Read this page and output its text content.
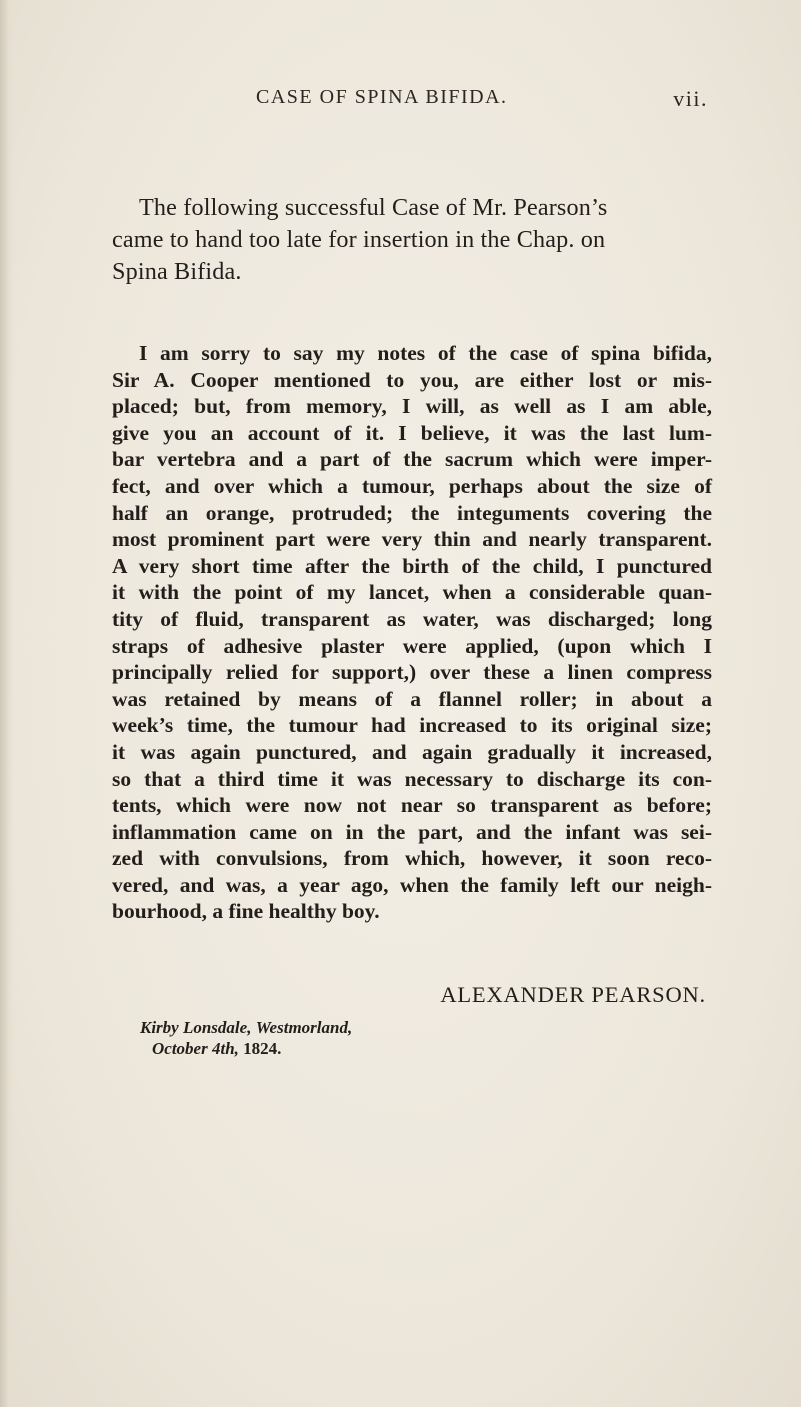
CASE OF SPINA BIFIDA.	vii.

The following successful Case of Mr. Pearson’s
came to hand too late for insertion in the Chap. on
Spina Bifida.

I am sorry to say my notes of the case of spina bifida,
Sir A. Cooper mentioned to you, are either lost or mis-
placed; but, from memory, I will, as well as I am able,
give you an account of it. I believe, it was the last lum-
bar vertebra and a part of the sacrum which were imper-
fect, and over which a tumour, perhaps about the size of
half an orange, protruded; the integuments covering the
most prominent part were very thin and nearly transparent.
A very short time after the birth of the child, I punctured
it with the point of my lancet, when a considerable quan-
tity of fluid, transparent as water, was discharged; long
straps of adhesive plaster were applied, (upon which I
principally relied for support,) over these a linen compress
was retained by means of a flannel roller; in about a
week’s time, the tumour had increased to its original size;
it was again punctured, and again gradually it increased,
so that a third time it was necessary to discharge its con-
tents, which were now not near so transparent as before;
inflammation came on in the part, and the infant was sei-
zed with convulsions, from which, however, it soon reco-
vered, and was, a year ago, when the family left our neigh-
bourhood, a fine healthy boy.

ALEXANDER PEARSON.
Kirby Lonsdale, Westmorland,
October 4th, 1824.
